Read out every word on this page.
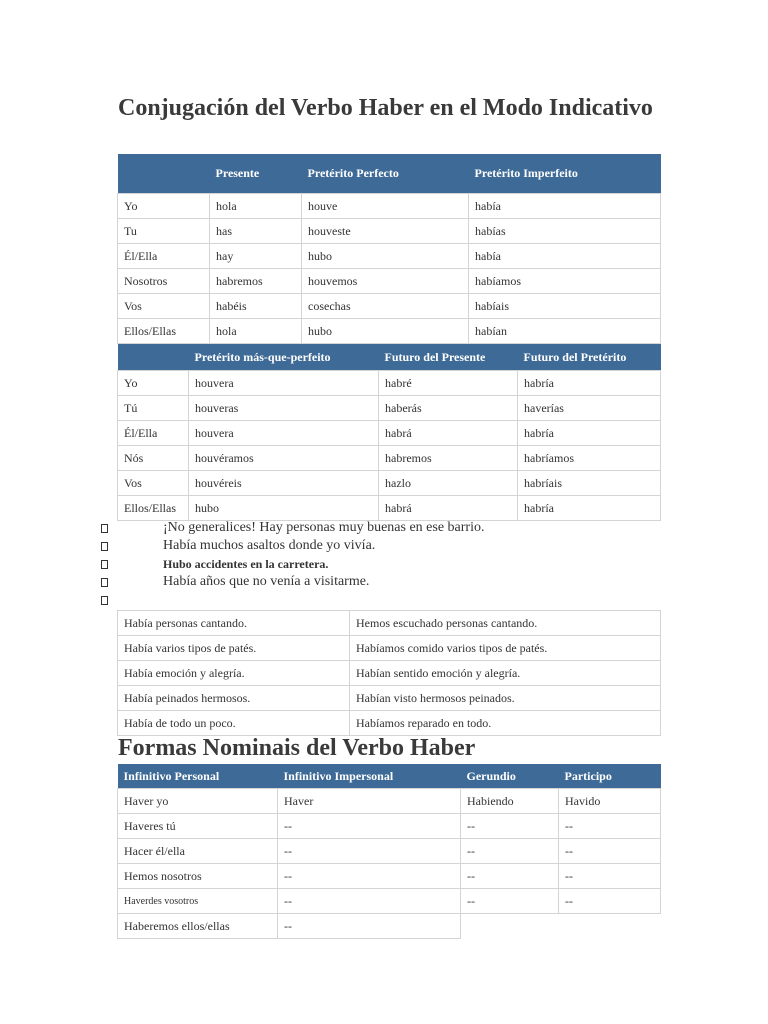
Conjugación del Verbo Haber en el Modo Indicativo
	Presente	Pretérito Perfecto	Pretérito Imperfeito
Yo	hola	houve	había
Tu	has	houveste	habías
Él/Ella	hay	hubo	había
Nosotros	habremos	houvemos	habíamos
Vos	habéis	cosechas	habíais
Ellos/Ellas	hola	hubo	habían
	Pretérito más-que-perfeito	Futuro del Presente	Futuro del Pretérito
Yo	houvera	habré	habría
Tú	houveras	haberás	haverías
Él/Ella	houvera	habrá	habría
Nós	houvéramos	habremos	habríamos
Vos	houvéreis	hazlo	habríais
Ellos/Ellas	hubo	habrá	habría
¡No generalices! Hay personas muy buenas en ese barrio.
Había muchos asaltos donde yo vivía.
Hubo accidentes en la carretera.
Había años que no venía a visitarme.
Había personas cantando.	Hemos escuchado personas cantando.
Había varios tipos de patés.	Habíamos comido varios tipos de patés.
Había emoción y alegría.	Habían sentido emoción y alegría.
Había peinados hermosos.	Habían visto hermosos peinados.
Había de todo un poco.	Habíamos reparado en todo.
Formas Nominais del Verbo Haber
Infinitivo Personal	Infinitivo Impersonal	Gerundio	Participo
Haver yo	Haver	Habiendo	Havido
Haveres tú	--	--	--
Hacer él/ella	--	--	--
Hemos nosotros	--	--	--
Haverdes vosotros	--	--	--
Haberemos ellos/ellas	--		
